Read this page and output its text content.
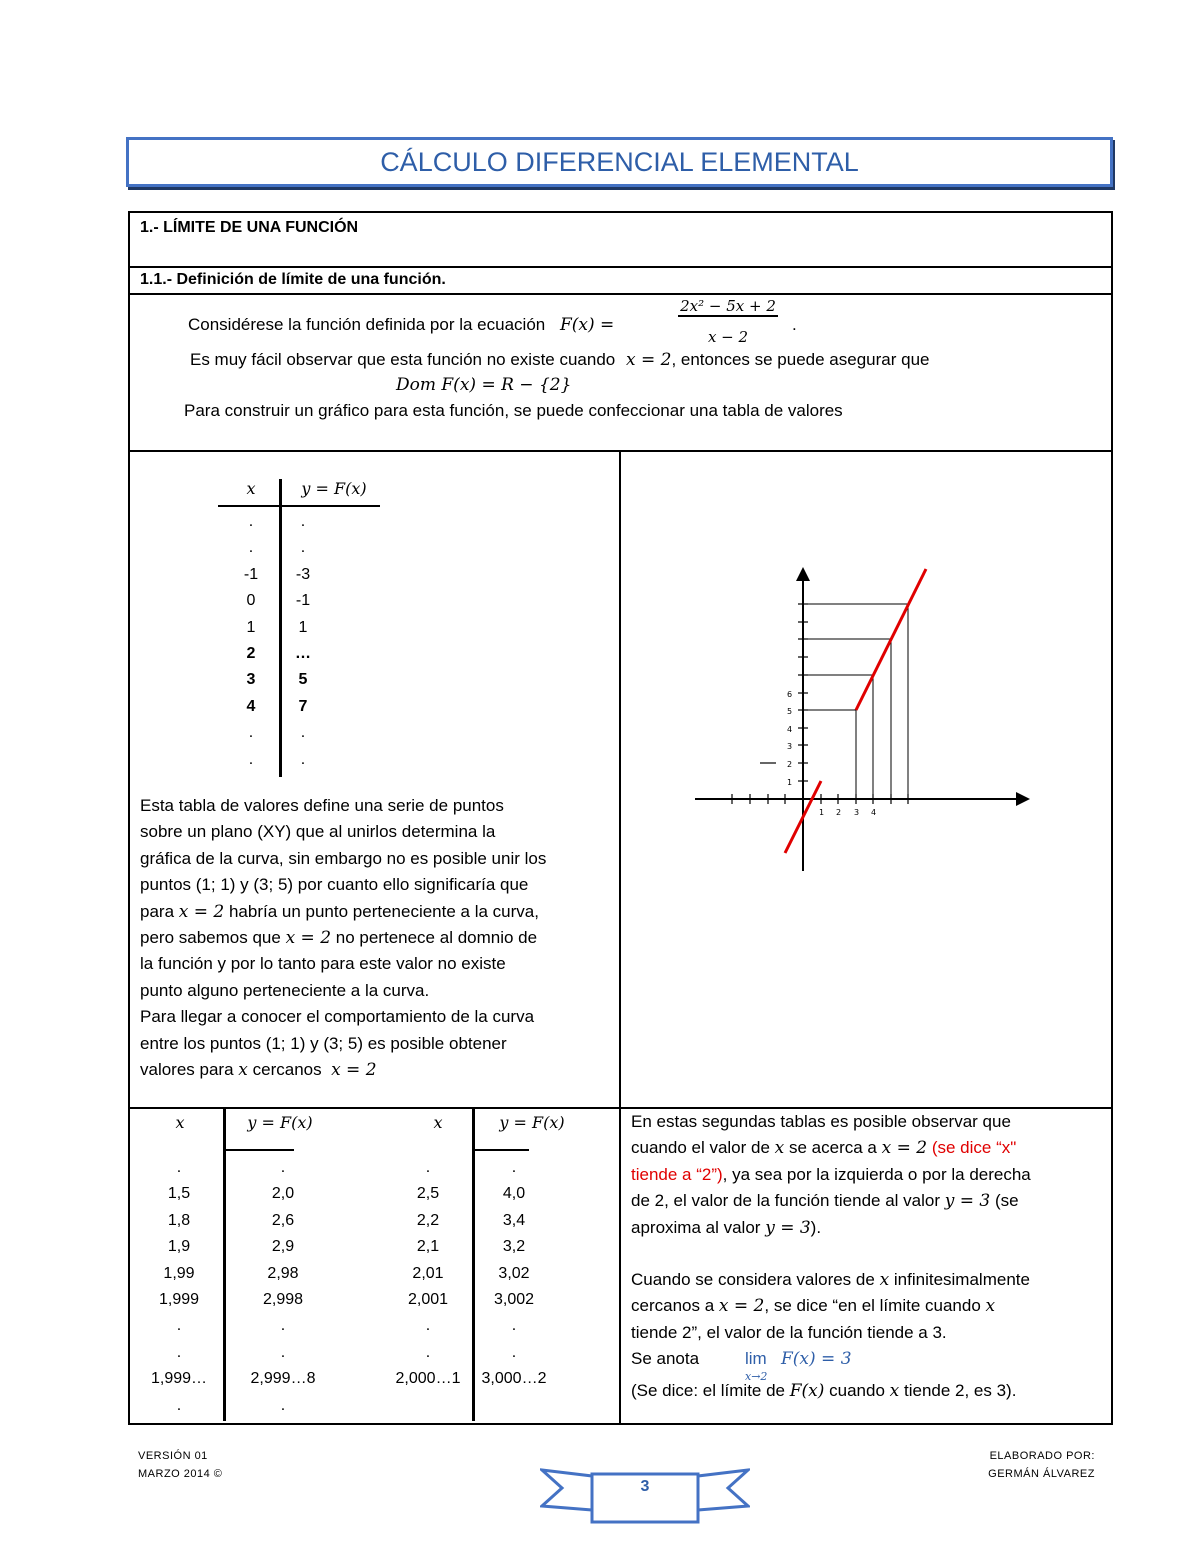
CÁLCULO DIFERENCIAL ELEMENTAL
1.- LÍMITE DE UNA FUNCIÓN
1.1.- Definición de límite de una función.
Considérese la función definida por la ecuación F(x) =
2x² − 5x + 2
x − 2
.
Es muy fácil observar que esta función no existe cuando x = 2, entonces se puede asegurar que
Dom F(x) = R − {2}
Para construir un gráfico para esta función, se puede confeccionar una tabla de valores
x	y = F(x)
.	.
.	.
-1	-3
0	-1
1	1
2	…
3	5
4	7
.	.
.	.
Esta tabla de valores define una serie de puntos
sobre un plano (XY) que al unirlos determina la
gráfica de la curva, sin embargo no es posible unir los
puntos (1; 1) y (3; 5) por cuanto ello significaría que
para x = 2 habría un punto perteneciente a la curva,
pero sabemos que x = 2 no pertenece al domnio de
la función y por lo tanto para este valor no existe
punto alguno perteneciente a la curva.
Para llegar a conocer el comportamiento de la curva
entre los puntos (1; 1) y (3; 5) es posible obtener
valores para x cercanos x = 2
6
5
4
3
2
1
1 2 3 4
x	y = F(x)
.	.
1,5	2,0
1,8	2,6
1,9	2,9
1,99	2,98
1,999	2,998
.	.
.	.
1,999…	2,999…8
.	.
x	y = F(x)
.	.
2,5	4,0
2,2	3,4
2,1	3,2
2,01	3,02
2,001	3,002
.	.
.	.
2,000…1	3,000…2
En estas segundas tablas es posible observar que
cuando el valor de x se acerca a x = 2 (se dice “x"
tiende a “2”), ya sea por la izquierda o por la derecha
de 2, el valor de la función tiende al valor y = 3 (se
aproxima al valor y = 3).
Cuando se considera valores de x infinitesimalmente
cercanos a x = 2, se dice “en el límite cuando x
tiende 2”, el valor de la función tiende a 3.
Se anota	lim
x→2
F(x) = 3
(Se dice: el límite de F(x) cuando x tiende 2, es 3).
VERSIÓN 01
MARZO 2014 ©
ELABORADO POR:
GERMÁN ÁLVAREZ
3
